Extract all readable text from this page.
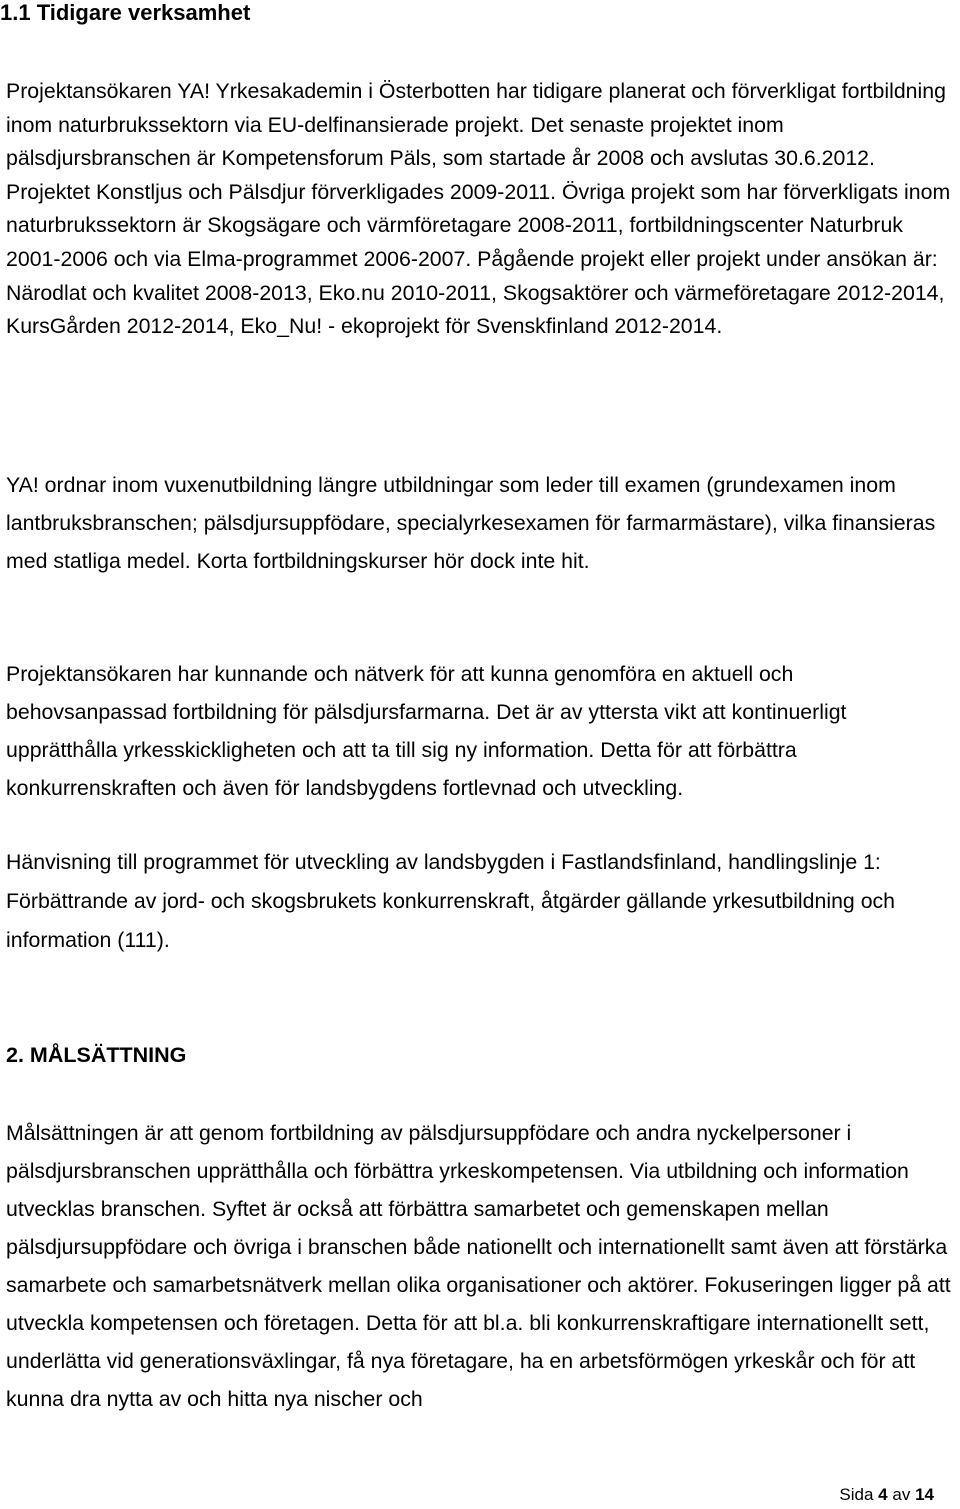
1.1 Tidigare verksamhet

Projektansökaren YA! Yrkesakademin i Österbotten har tidigare planerat och förverkligat fortbildning inom naturbrukssektorn via EU-delfinansierade projekt. Det senaste projektet inom pälsdjursbranschen är Kompetensforum Päls, som startade år 2008 och avslutas 30.6.2012. Projektet Konstljus och Pälsdjur förverkligades 2009-2011. Övriga projekt som har förverkligats inom naturbrukssektorn är Skogsägare och värmföretagare 2008-2011, fortbildningscenter Naturbruk 2001-2006 och via Elma-programmet 2006-2007. Pågående projekt eller projekt under ansökan är: Närodlat och kvalitet 2008-2013, Eko.nu 2010-2011, Skogsaktörer och värmeföretagare 2012-2014, KursGården 2012-2014, Eko_Nu! - ekoprojekt för Svenskfinland 2012-2014.

YA! ordnar inom vuxenutbildning längre utbildningar som leder till examen (grundexamen inom lantbruksbranschen; pälsdjursuppfödare, specialyrkesexamen för farmarmästare), vilka finansieras med statliga medel. Korta fortbildningskurser hör dock inte hit.

Projektansökaren har kunnande och nätverk för att kunna genomföra en aktuell och behovsanpassad fortbildning för pälsdjursfarmarna. Det är av yttersta vikt att kontinuerligt upprätthålla yrkesskickligheten och att ta till sig ny information. Detta för att förbättra konkurrenskraften och även för landsbygdens fortlevnad och utveckling.

Hänvisning till programmet för utveckling av landsbygden i Fastlandsfinland, handlingslinje 1: Förbättrande av jord- och skogsbrukets konkurrenskraft, åtgärder gällande yrkesutbildning och information (111).

2. MÅLSÄTTNING

Målsättningen är att genom fortbildning av pälsdjursuppfödare och andra nyckelpersoner i pälsdjursbranschen upprätthålla och förbättra yrkeskompetensen. Via utbildning och information utvecklas branschen. Syftet är också att förbättra samarbetet och gemenskapen mellan pälsdjursuppfödare och övriga i branschen både nationellt och internationellt samt även att förstärka samarbete och samarbetsnätverk mellan olika organisationer och aktörer. Fokuseringen ligger på att utveckla kompetensen och företagen. Detta för att bl.a. bli konkurrenskraftigare internationellt sett, underlätta vid generationsväxlingar, få nya företagare, ha en arbetsförmögen yrkeskår och för att kunna dra nytta av och hitta nya nischer och

Sida 4 av 14
